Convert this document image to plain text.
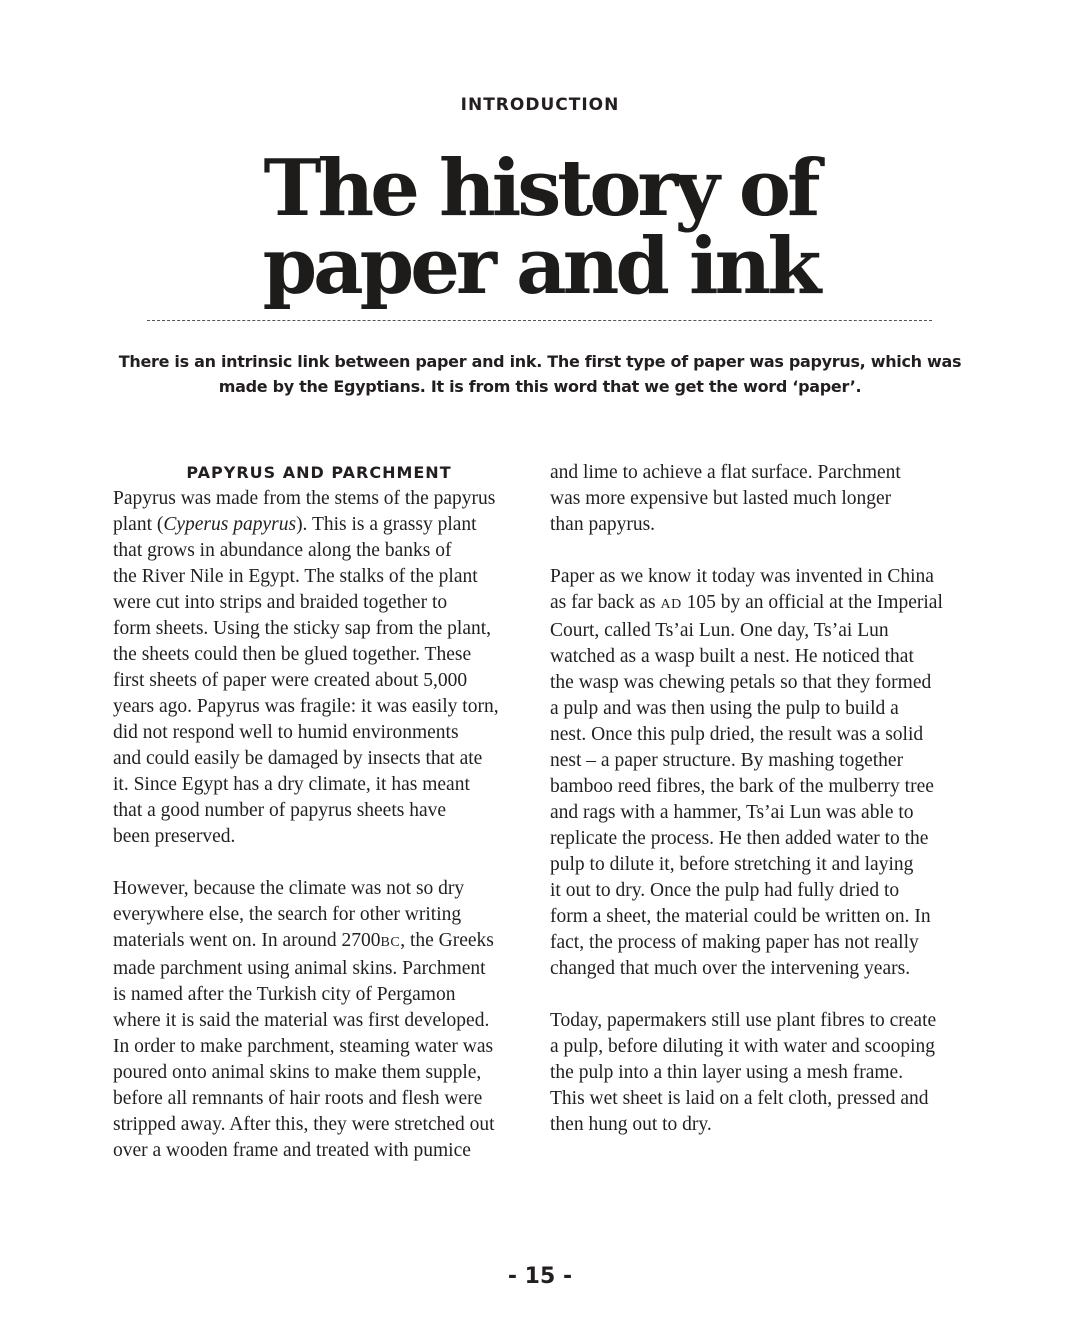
INTRODUCTION
The history of
paper and ink
There is an intrinsic link between paper and ink. The first type of paper was papyrus, which was
made by the Egyptians. It is from this word that we get the word ‘paper’.
PAPYRUS AND PARCHMENT
Papyrus was made from the stems of the papyrus
plant (Cyperus papyrus). This is a grassy plant
that grows in abundance along the banks of
the River Nile in Egypt. The stalks of the plant
were cut into strips and braided together to
form sheets. Using the sticky sap from the plant,
the sheets could then be glued together. These
first sheets of paper were created about 5,000
years ago. Papyrus was fragile: it was easily torn,
did not respond well to humid environments
and could easily be damaged by insects that ate
it. Since Egypt has a dry climate, it has meant
that a good number of papyrus sheets have
been preserved.
However, because the climate was not so dry
everywhere else, the search for other writing
materials went on. In around 2700BC, the Greeks
made parchment using animal skins. Parchment
is named after the Turkish city of Pergamon
where it is said the material was first developed.
In order to make parchment, steaming water was
poured onto animal skins to make them supple,
before all remnants of hair roots and flesh were
stripped away. After this, they were stretched out
over a wooden frame and treated with pumice
and lime to achieve a flat surface. Parchment
was more expensive but lasted much longer
than papyrus.
Paper as we know it today was invented in China
as far back as AD 105 by an official at the Imperial
Court, called Ts’ai Lun. One day, Ts’ai Lun
watched as a wasp built a nest. He noticed that
the wasp was chewing petals so that they formed
a pulp and was then using the pulp to build a
nest. Once this pulp dried, the result was a solid
nest – a paper structure. By mashing together
bamboo reed fibres, the bark of the mulberry tree
and rags with a hammer, Ts’ai Lun was able to
replicate the process. He then added water to the
pulp to dilute it, before stretching it and laying
it out to dry. Once the pulp had fully dried to
form a sheet, the material could be written on. In
fact, the process of making paper has not really
changed that much over the intervening years.
Today, papermakers still use plant fibres to create
a pulp, before diluting it with water and scooping
the pulp into a thin layer using a mesh frame.
This wet sheet is laid on a felt cloth, pressed and
then hung out to dry.
- 15 -
